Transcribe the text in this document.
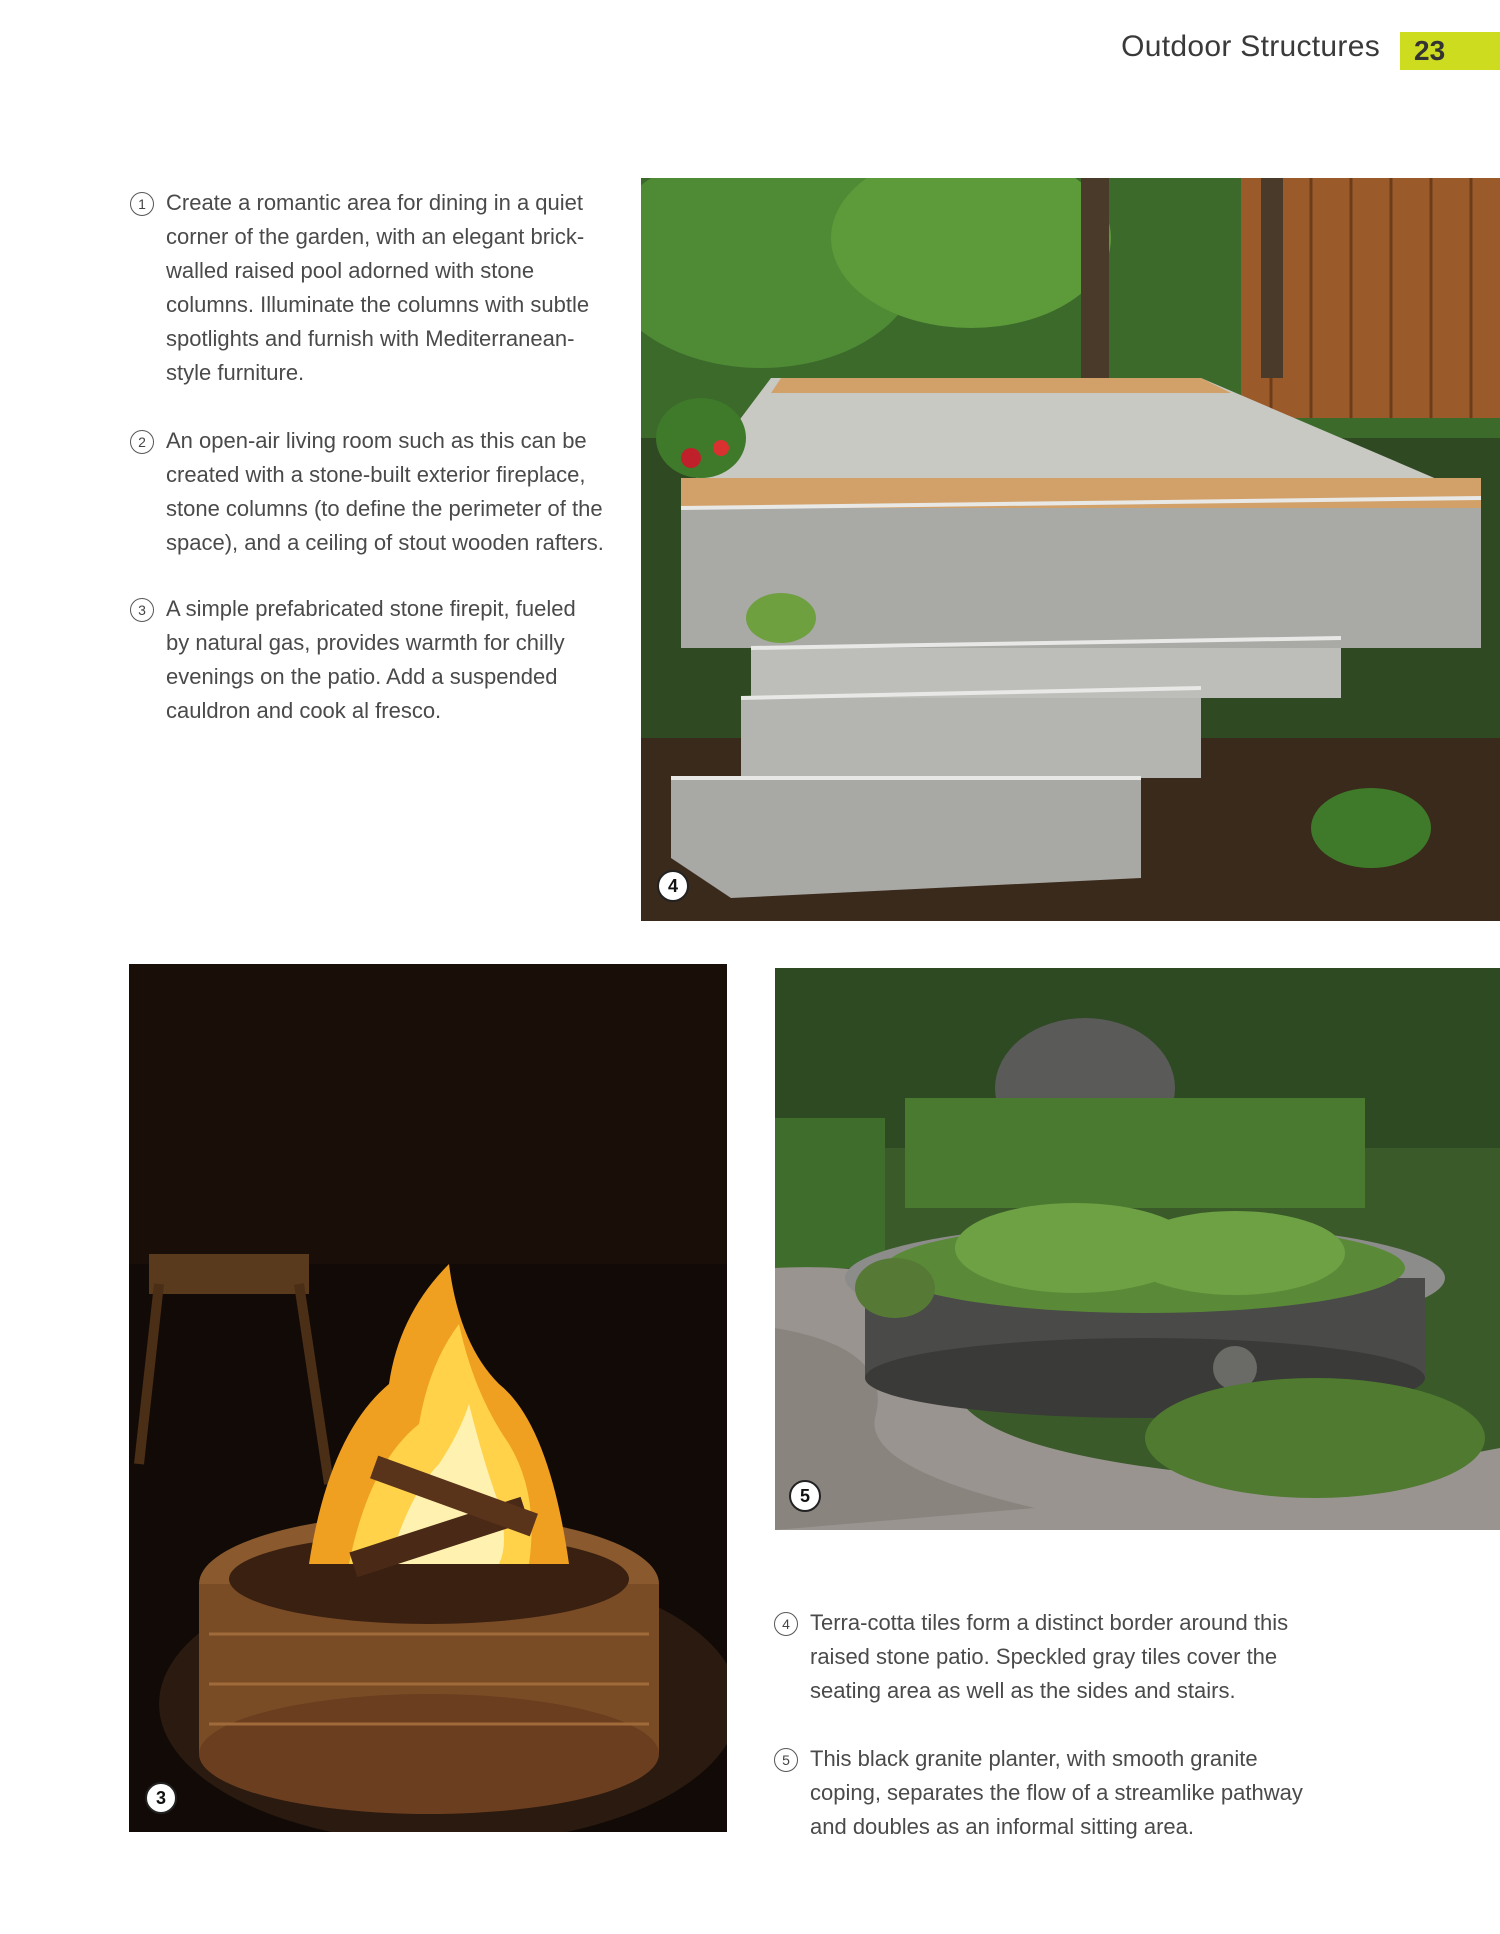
Outdoor Structures	23
1 Create a romantic area for dining in a quiet corner of the garden, with an elegant brick-walled raised pool adorned with stone columns. Illuminate the columns with subtle spotlights and furnish with Mediterranean-style furniture.
2 An open-air living room such as this can be created with a stone-built exterior fireplace, stone columns (to define the perimeter of the space), and a ceiling of stout wooden rafters.
3 A simple prefabricated stone firepit, fueled by natural gas, provides warmth for chilly evenings on the patio. Add a suspended cauldron and cook al fresco.
4
3
5
4 Terra-cotta tiles form a distinct border around this raised stone patio. Speckled gray tiles cover the seating area as well as the sides and stairs.
5 This black granite planter, with smooth granite coping, separates the flow of a streamlike pathway and doubles as an informal sitting area.
